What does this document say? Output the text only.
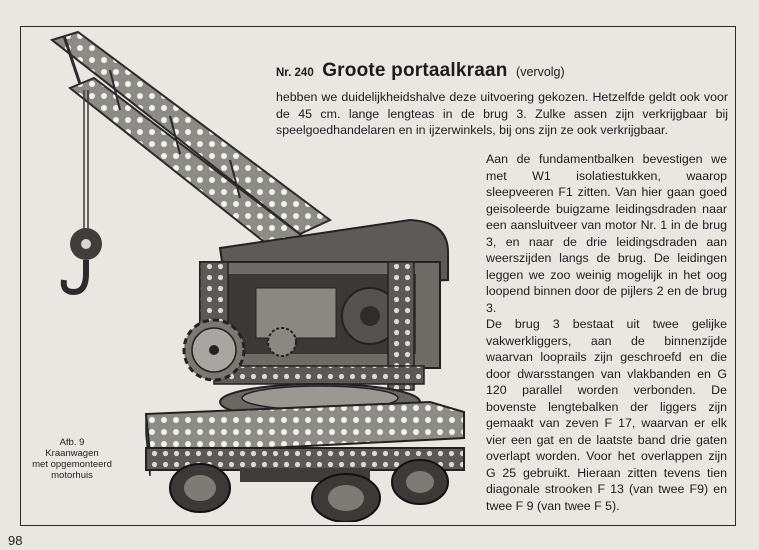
Afb. 9
Kraanwagen
met opgemonteerd
motorhuis
Nr. 240 Groote portaalkraan (vervolg)

hebben we duidelijkheidshalve deze uitvoering gekozen. Hetzelfde geldt ook voor de 45 cm. lange lengteas in de brug 3. Zulke assen zijn verkrijgbaar bij speelgoedhandelaren en in ijzerwinkels, bij ons zijn ze ook verkrijgbaar.

Aan de fundamentbalken bevestigen we met W1 isolatiestukken, waarop sleepveeren F1 zitten. Van hier gaan goed geisoleerde buigzame leidingsdraden naar een aansluitveer van motor Nr. 1 in de brug 3, en naar de drie leidingsdraden aan weerszijden langs de brug. De leidingen leggen we zoo weinig mogelijk in het oog loopend binnen door de pijlers 2 en de brug 3.

De brug 3 bestaat uit twee gelijke vakwerkliggers, aan de binnenzijde waarvan looprails zijn geschroefd en die door dwarsstangen van vlakbanden en G 120 parallel worden verbonden. De bovenste lengtebalken der liggers zijn gemaakt van zeven F 17, waarvan er elk vier een gat en de laatste band drie gaten overlapt worden. Voor het overlappen zijn G 25 gebruikt. Hieraan zitten tevens tien diagonale strooken F 13 (van twee F9) en twee F 9 (van twee F 5).

98
